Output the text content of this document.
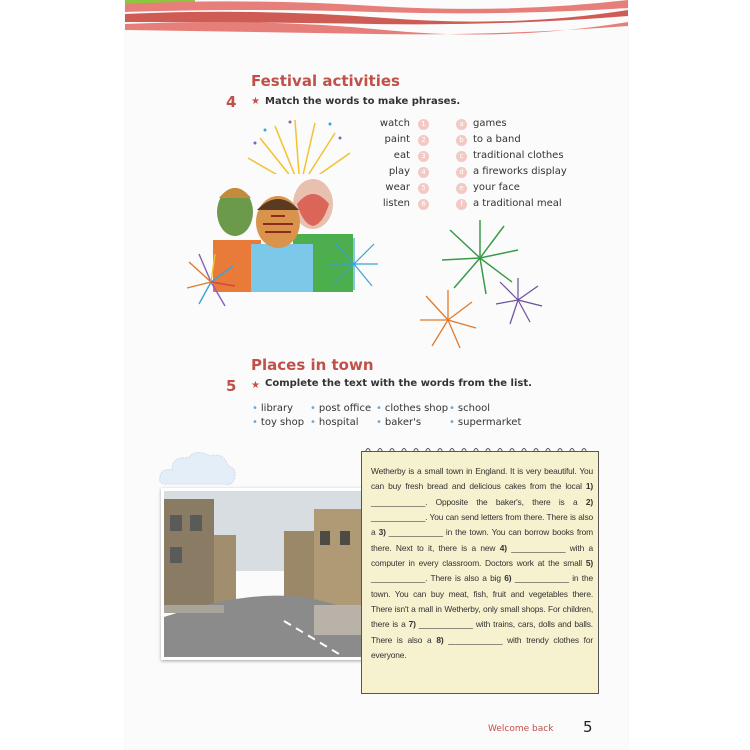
Festival activities
4 ★ Match the words to make phrases.
watch
paint
eat
play
wear
listen
1
2
3
4
5
6
a
b
c
d
e
f
games
to a band
traditional clothes
a fireworks display
your face
a traditional meal
Places in town
5 ★ Complete the text with the words from the list.
• library
• toy shop
• post office
• hospital
• clothes shop
• baker's
• school
• supermarket
Wetherby is a small town in England. It is very beautiful. You can buy fresh bread and delicious cakes from the local 1) ____________. Opposite the baker's, there is a 2) ____________. You can send letters from there. There is also a 3) ____________ in the town. You can borrow books from there. Next to it, there is a new 4) ____________ with a computer in every classroom. Doctors work at the small 5) ____________. There is also a big 6) ____________ in the town. You can buy meat, fish, fruit and vegetables there. There isn't a mall in Wetherby, only small shops. For children, there is a 7) ____________ with trains, cars, dolls and balls. There is also a 8) ____________ with trendy clothes for everyone.
Welcome back 5
